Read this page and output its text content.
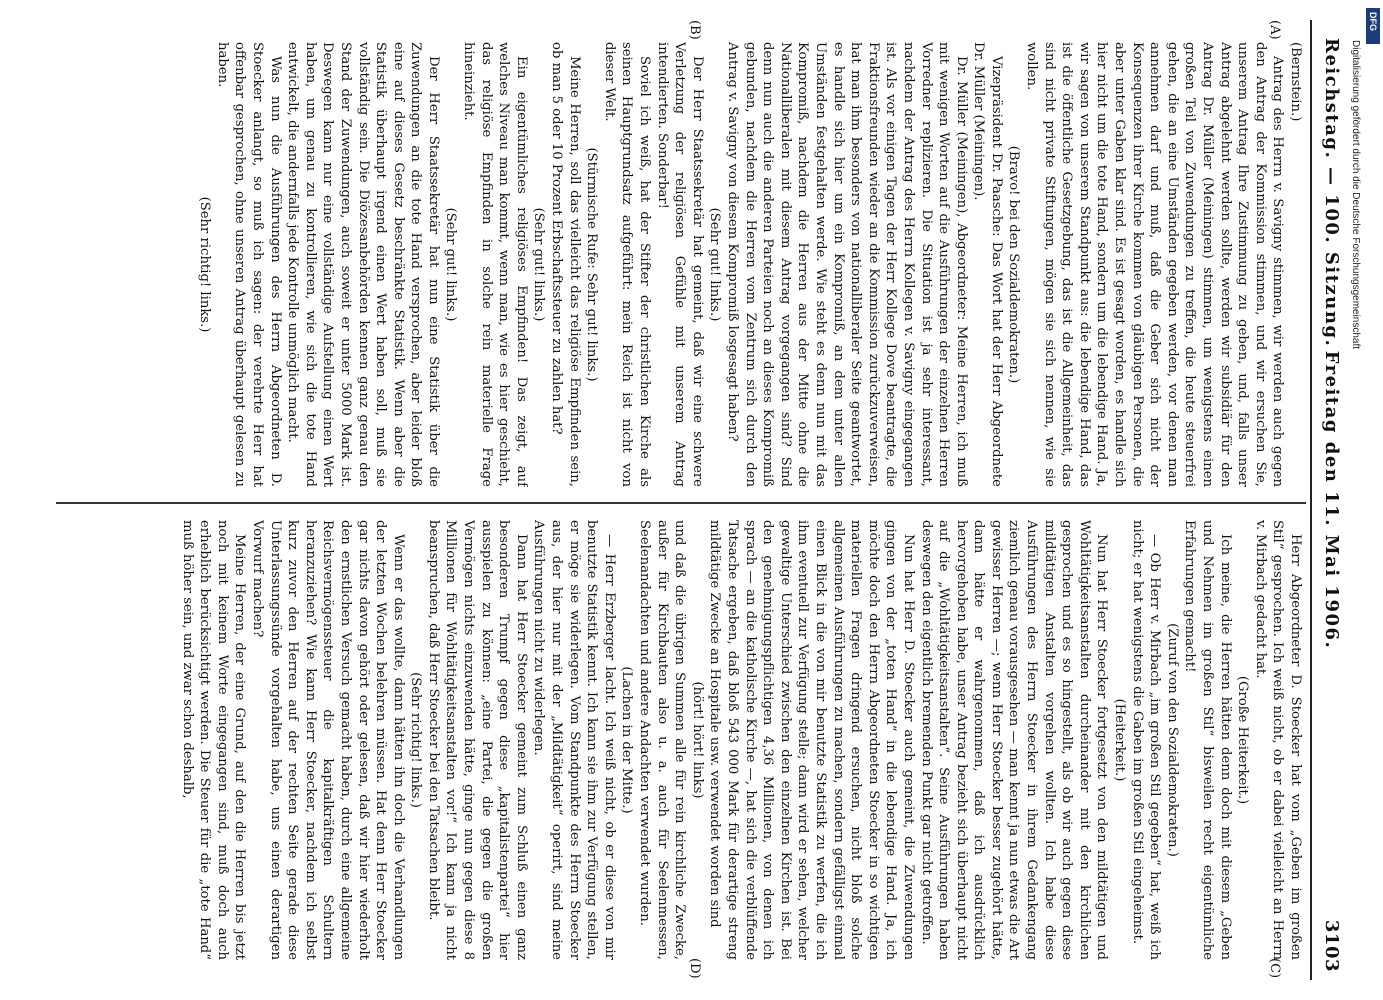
Reichstag. — 100. Sitzung.
Freitag den 11. Mai 1906.
3103
(A)
(B)
(C)
(D)

(Bernstein.)

Antrag des Herrn v. Savigny stimmen, wir werden auch gegen den Antrag der Kommission stimmen, und wir ersuchen Sie, unserem Antrag Ihre Zustimmung zu geben, und, falls unser Antrag abgelehnt werden sollte, werden wir subsidiär für den Antrag Dr. Müller (Meiningen) stimmen, um wenigstens einen großen Teil von Zuwendungen zu treffen, die heute steuerfrei gehen, die an eine Umständen gegeben werden, vor denen man annehmen darf und muß, daß die Geber sich nicht der Konsequenzen ihrer Kirche kommen von gläubigen Personen, die aber unter Gaben klar sind. Es ist gesagt worden, es handle sich hier nicht um die tote Hand, sondern um die lebendige Hand. Ja, wir sagen von unserem Standpunkt aus: die lebendige Hand, das ist die öffentliche Gesetzgebung, das ist die Allgemeinheit, das sind nicht private Stiftungen, mögen sie sich nennen, wie sie wollen.

(Bravo! bei den Sozialdemokraten.)

Vizepräsident Dr. Paasche: Das Wort hat der Herr Abgeordnete Dr. Müller (Meiningen).

Dr. Müller (Meiningen), Abgeordneter: Meine Herren, ich muß mit wenigen Worten auf die Ausführungen der einzelnen Herren Vorredner replizieren. Die Situation ist ja sehr interessant, nachdem der Antrag des Herrn Kollegen v. Savigny eingegangen ist. Als vor einigen Tagen der Herr Kollege Dove beantragte, die Fraktionsfreunden wieder an die Kommission zurückzuverweisen, hat man ihm besonders von nationalliberaler Seite geantwortet, es handle sich hier um ein Kompromiß, an dem unter allen Umständen festgehalten werde. Wie steht es denn nun mit das Kompromiß, nachdem die Herren aus der Mitte ohne die Nationalliberalen mit diesem Antrag vorgegangen sind? Sind denn nun auch die anderen Parteien noch an dieses Kompromiß gebunden, nachdem die Herren vom Zentrum sich durch den Antrag v. Savigny von diesem Kompromiß losgesagt haben?

(Sehr gut! links.)

Der Herr Staatssekretär hat gemeint, daß wir eine schwere Verletzung der religiösen Gefühle mit unserem Antrag intendierten. Sonderbar!

Soviel ich weiß, hat der Stifter der christlichen Kirche als seinen Hauptgrundsatz aufgeführt: mein Reich ist nicht von dieser Welt.

(Stürmische Rufe: Sehr gut! links.)

Meine Herren, soll das vielleicht das religiöse Empfinden sein, ob man 5 oder 10 Prozent Erbschaftssteuer zu zahlen hat?

(Sehr gut! links.)

Ein eigentümliches religiöses Empfinden! Das zeigt, auf welches Niveau man kommt, wenn man, wie es hier geschieht, das religiöse Empfinden in solche rein materielle Frage hineinzieht.

(Sehr gut! links.)

Der Herr Staatssekretär hat nun eine Statistik über die Zuwendungen an die tote Hand versprochen, aber leider bloß eine auf dieses Gesetz beschränkte Statistik. Wenn aber die Statistik überhaupt irgend einen Wert haben soll, muß sie vollständig sein. Die Diözesanbehörden kennen ganz genau den Stand der Zuwendungen, auch soweit er unter 5000 Mark ist. Deswegen kann nur eine vollständige Aufstellung einen Wert haben, um genau zu kontrollieren, wie sich die tote Hand entwickelt, die andernfalls jede Kontrolle unmöglich macht.

Was nun die Ausführungen des Herrn Abgeordneten D. Stoecker anlangt, so muß ich sagen: der verehrte Herr hat offenbar gesprochen, ohne unseren Antrag überhaupt gelesen zu haben.

(Sehr richtig! links.)

Herr Abgeordneter D. Stoecker hat vom „Geben im großen Stil“ gesprochen. Ich weiß nicht, ob er dabei vielleicht an Herrn v. Mirbach gedacht hat.

(Große Heiterkeit.)

Ich meine, die Herren hätten denn doch mit diesem „Geben und Nehmen im großen Stil“ bisweilen recht eigentümliche Erfahrungen gemacht!

(Zuruf von den Sozialdemokraten.)

— Ob Herr v. Mirbach „im großen Stil gegeben“ hat, weiß ich nicht; er hat wenigstens die Gaben im großen Stil eingeheimst.

(Heiterkeit.)

Nun hat Herr Stoecker fortgesetzt von den mildtätigen und Wohltätigkeitsanstalten durcheinander mit den kirchlichen gesprochen und es so hingestellt, als ob wir auch gegen diese mildtätigen Anstalten vorgehen wollten. Ich habe diese Ausführungen des Herrn Stoecker in ihrem Gedankengang ziemlich genau vorausgesehen — man kennt ja nun etwas die Art gewisser Herren —; wenn Herr Stoecker besser zugehört hätte, dann hätte er wahrgenommen, daß ich ausdrücklich hervorgehoben habe, unser Antrag bezieht sich überhaupt nicht auf die „Wohltätigkeitsanstalten“. Seine Ausführungen haben deswegen den eigentlich bremenden Punkt gar nicht getroffen.

Nun hat Herr D. Stoecker auch gemeint, die Zuwendungen gingen von der „toten Hand“ in die lebendige Hand. Ja, ich möchte doch den Herrn Abgeordneten Stoecker in so wichtigen materiellen Fragen dringend ersuchen, nicht bloß solche allgemeinen Ausführungen zu machen, sondern gefälligst einmal einen Blick in die von mir benutzte Statistik zu werfen, die ich ihm eventuell zur Verfügung stelle; dann wird er sehen, welcher gewaltige Unterschied zwischen den einzelnen Kirchen ist. Bei den genehmigungspflichtigen 4,36 Millionen, von denen ich sprach — an die katholische Kirche —, hat sich die verblüffende Tatsache ergeben, daß bloß 543 000 Mark für derartige streng mildtätige Zwecke an Hospitale usw. verwendet worden sind

(hört! hört! links)

und daß die übrigen Summen alle für rein kirchliche Zwecke, außer für Kirchbauten also u. a. auch für Seelenmessen, Seelenandachten und andere Andachten verwendet wurden.

(Lachen in der Mitte.)

— Herr Erzberger lacht. Ich weiß nicht, ob er diese von mir benutzte Statistik kennt. Ich kann sie ihm zur Verfügung stellen, er möge sie widerlegen. Vom Standpunkte des Herrn Stoecker aus, der hier nur mit der „Mildtätigkeit“ operirt, sind meine Ausführungen nicht zu widerlegen.

Dann hat Herr Stoecker gemeint zum Schluß einen ganz besonderen Trumpf gegen diese „kapitalistenpartei“ hier ausspielen zu können: „eine Partei, die gegen die großen Vermögen nichts einzuwenden hätte, ginge nun gegen diese 8 Millionen für Wohltätigkeitsanstalten vor!“ Ich kann ja nicht beanspruchen, daß Herr Stoecker bei den Tatsachen bleibt.

(Sehr richtig! links.)

Wenn er das wollte, dann hätten ihn doch die Verhandlungen der letzten Wochen belehren müssen. Hat denn Herr Stoecker gar nichts davon gehört oder gelesen, daß wir hier wiederholt den ernstlichen Versuch gemacht haben, durch eine allgemeine Reichsvermögenssteuer die kapitalkräftigen Schultern heranzuziehen? Wie kann Herr Stoecker, nachdem ich selbst kurz zuvor den Herren auf der rechten Seite gerade diese Unterlassungssünde vorgehalten habe, uns einen derartigen Vorwurf machen?

Meine Herren, der eine Grund, auf den die Herren bis jetzt noch mit keinem Worte eingegangen sind, muß doch auch erheblich berücksichtigt werden. Die Steuer für die „tote Hand“ muß höher sein, und zwar schon deshalb,

Digitalisierung gefördert durch die Deutsche Forschungsgemeinschaft
DFG
